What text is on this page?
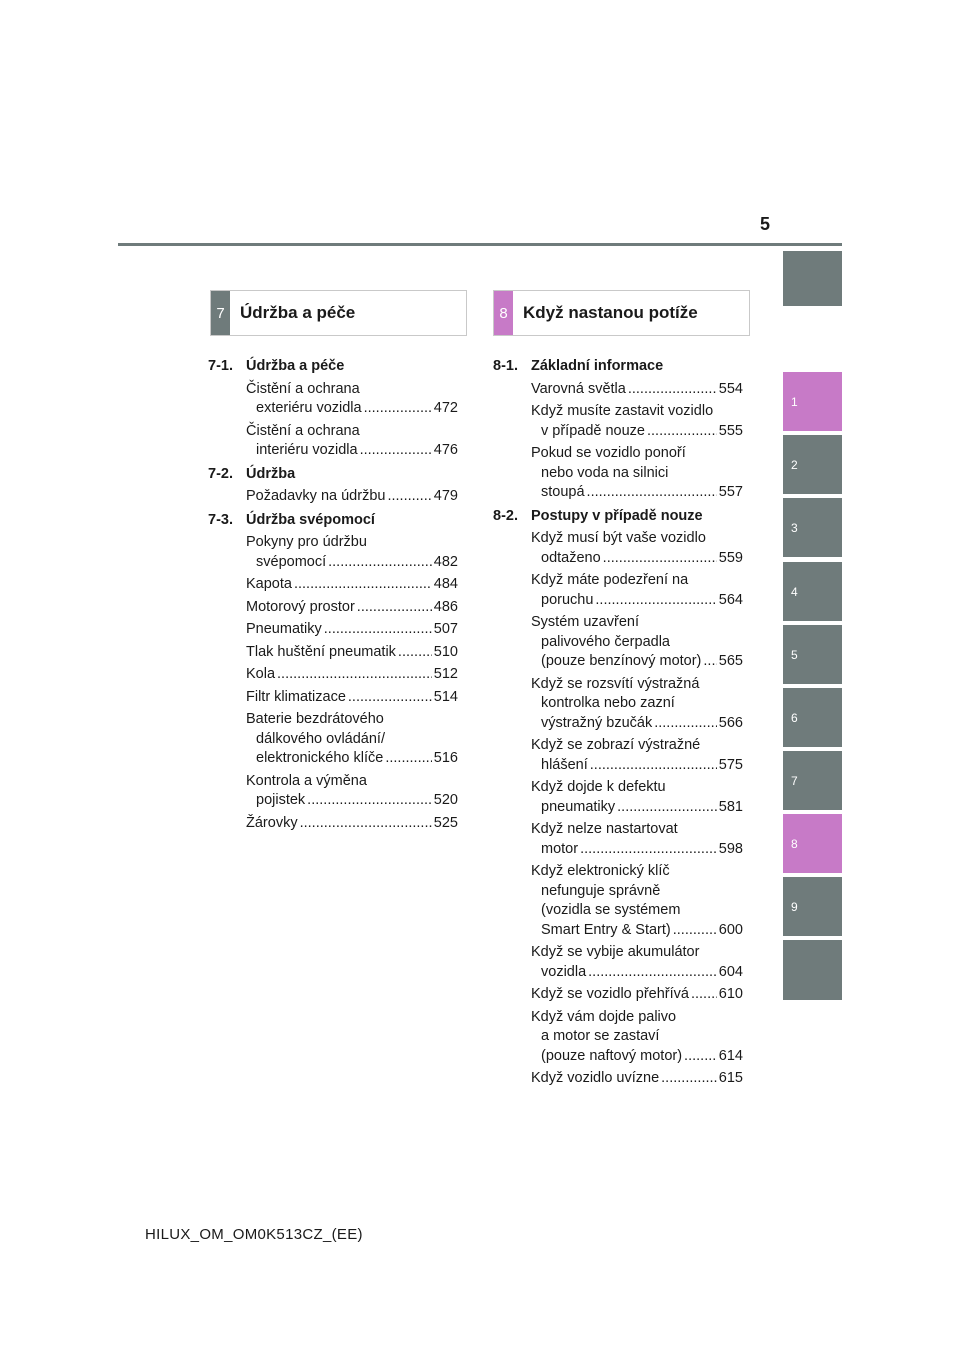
5
1
2
3
4
5
6
7
8
9
7 Údržba a péče	8 Když nastanou potíže
7-1. Údržba a péče
Čistění a ochrana
exteriéru vozidla .....	472
Čistění a ochrana
interiéru vozidla .....	476
7-2. Údržba
Požadavky na údržbu .....	479
7-3. Údržba svépomocí
Pokyny pro údržbu
svépomocí .....	482
Kapota .....	484
Motorový prostor .....	486
Pneumatiky .....	507
Tlak huštění pneumatik .....	510
Kola .....	512
Filtr klimatizace .....	514
Baterie bezdrátového
dálkového ovládání/
elektronického klíče .....	516
Kontrola a výměna
pojistek .....	520
Žárovky .....	525
8-1. Základní informace
Varovná světla .....	554
Když musíte zastavit vozidlo
v případě nouze .....	555
Pokud se vozidlo ponoří
nebo voda na silnici
stoupá .....	557
8-2. Postupy v případě nouze
Když musí být vaše vozidlo
odtaženo .....	559
Když máte podezření na
poruchu .....	564
Systém uzavření
palivového čerpadla
(pouze benzínový motor) ..... 565
Když se rozsvítí výstražná
kontrolka nebo zazní
výstražný bzučák .....	566
Když se zobrazí výstražné
hlášení .....	575
Když dojde k defektu
pneumatiky .....	581
Když nelze nastartovat
motor .....	598
Když elektronický klíč
nefunguje správně
(vozidla se systémem
Smart Entry & Start) .....	600
Když se vybije akumulátor
vozidla .....	604
Když se vozidlo přehřívá ..... 610
Když vám dojde palivo
a motor se zastaví
(pouze naftový motor) .....	614
Když vozidlo uvízne .....	615
HILUX_OM_OM0K513CZ_(EE)
